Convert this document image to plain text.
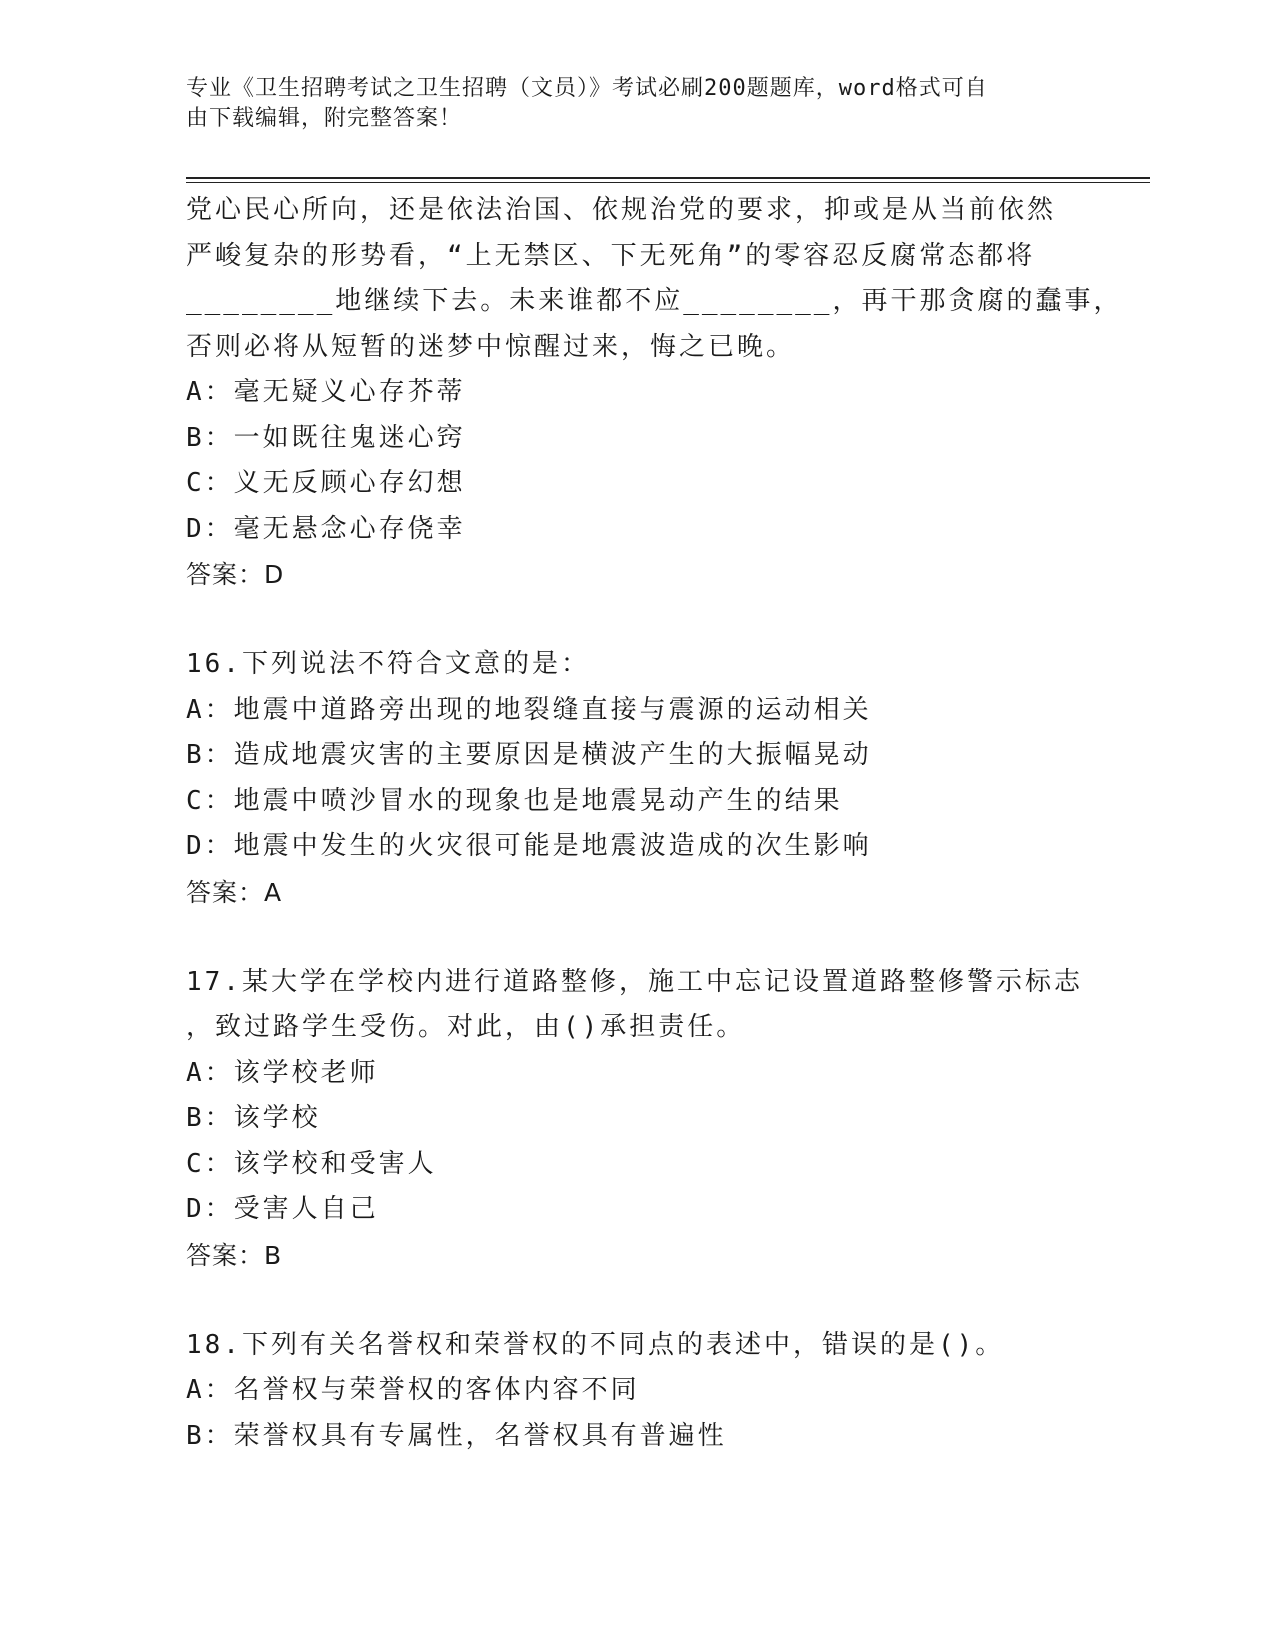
专业《卫生招聘考试之卫生招聘（文员）》考试必刷200题题库，word格式可自
由下载编辑，附完整答案！
党心民心所向，还是依法治国、依规治党的要求，抑或是从当前依然
严峻复杂的形势看，“上无禁区、下无死角”的零容忍反腐常态都将
________地继续下去。未来谁都不应________，再干那贪腐的蠢事，
否则必将从短暂的迷梦中惊醒过来，悔之已晚。
A：毫无疑义心存芥蒂
B：一如既往鬼迷心窍
C：义无反顾心存幻想
D：毫无悬念心存侥幸
答案：D
16.下列说法不符合文意的是：
A：地震中道路旁出现的地裂缝直接与震源的运动相关
B：造成地震灾害的主要原因是横波产生的大振幅晃动
C：地震中喷沙冒水的现象也是地震晃动产生的结果
D：地震中发生的火灾很可能是地震波造成的次生影响
答案：A
17.某大学在学校内进行道路整修，施工中忘记设置道路整修警示标志
，致过路学生受伤。对此，由()承担责任。
A：该学校老师
B：该学校
C：该学校和受害人
D：受害人自己
答案：B
18.下列有关名誉权和荣誉权的不同点的表述中，错误的是()。
A：名誉权与荣誉权的客体内容不同
B：荣誉权具有专属性，名誉权具有普遍性
